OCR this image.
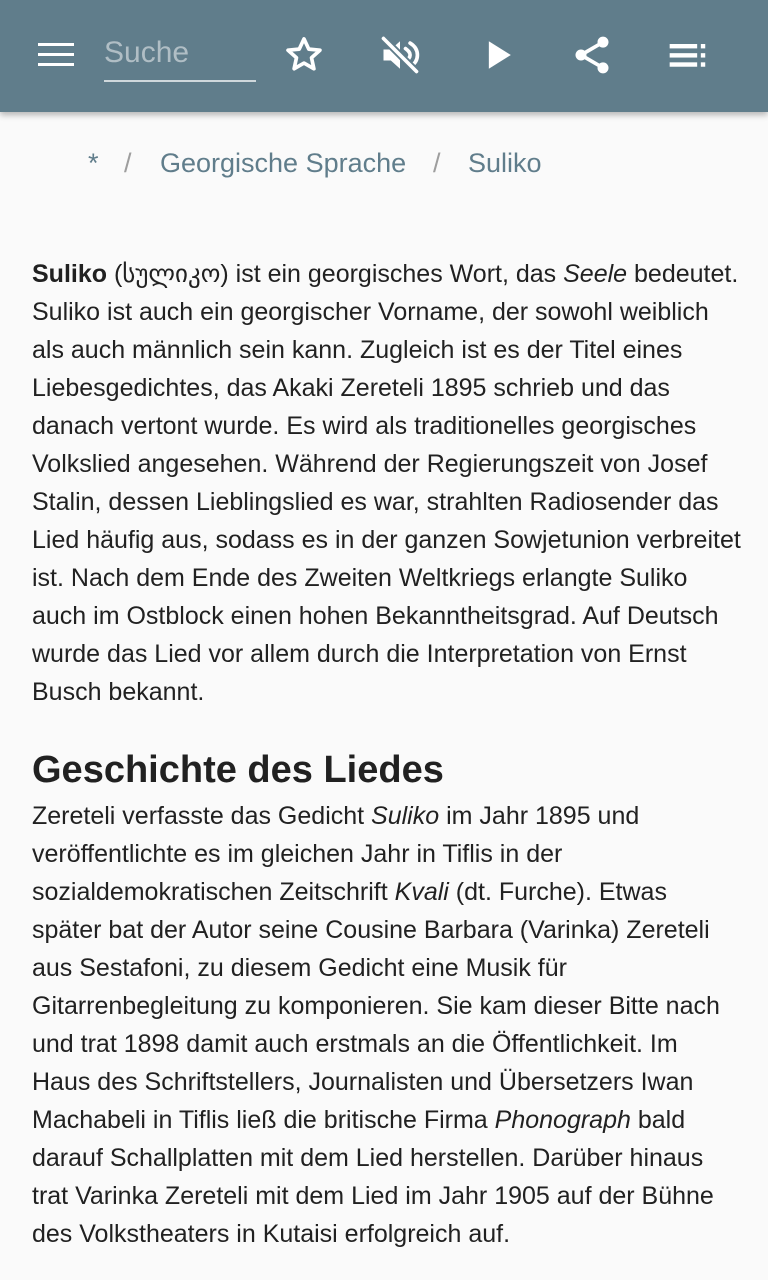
Suche
* / Georgische Sprache / Suliko

Suliko (სულიკო) ist ein georgisches Wort, das Seele bedeutet. Suliko ist auch ein georgischer Vorname, der sowohl weiblich als auch männlich sein kann. Zugleich ist es der Titel eines Liebesgedichtes, das Akaki Zereteli 1895 schrieb und das danach vertont wurde. Es wird als traditionelles georgisches Volkslied angesehen. Während der Regierungszeit von Josef Stalin, dessen Lieblingslied es war, strahlten Radiosender das Lied häufig aus, sodass es in der ganzen Sowjetunion verbreitet ist. Nach dem Ende des Zweiten Weltkriegs erlangte Suliko auch im Ostblock einen hohen Bekanntheitsgrad. Auf Deutsch wurde das Lied vor allem durch die Interpretation von Ernst Busch bekannt.

Geschichte des Liedes

Zereteli verfasste das Gedicht Suliko im Jahr 1895 und veröffentlichte es im gleichen Jahr in Tiflis in der sozialdemokratischen Zeitschrift Kvali (dt. Furche). Etwas später bat der Autor seine Cousine Barbara (Varinka) Zereteli aus Sestafoni, zu diesem Gedicht eine Musik für Gitarrenbegleitung zu komponieren. Sie kam dieser Bitte nach und trat 1898 damit auch erstmals an die Öffentlichkeit. Im Haus des Schriftstellers, Journalisten und Übersetzers Iwan Machabeli in Tiflis ließ die britische Firma Phonograph bald darauf Schallplatten mit dem Lied herstellen. Darüber hinaus trat Varinka Zereteli mit dem Lied im Jahr 1905 auf der Bühne des Volkstheaters in Kutaisi erfolgreich auf.
